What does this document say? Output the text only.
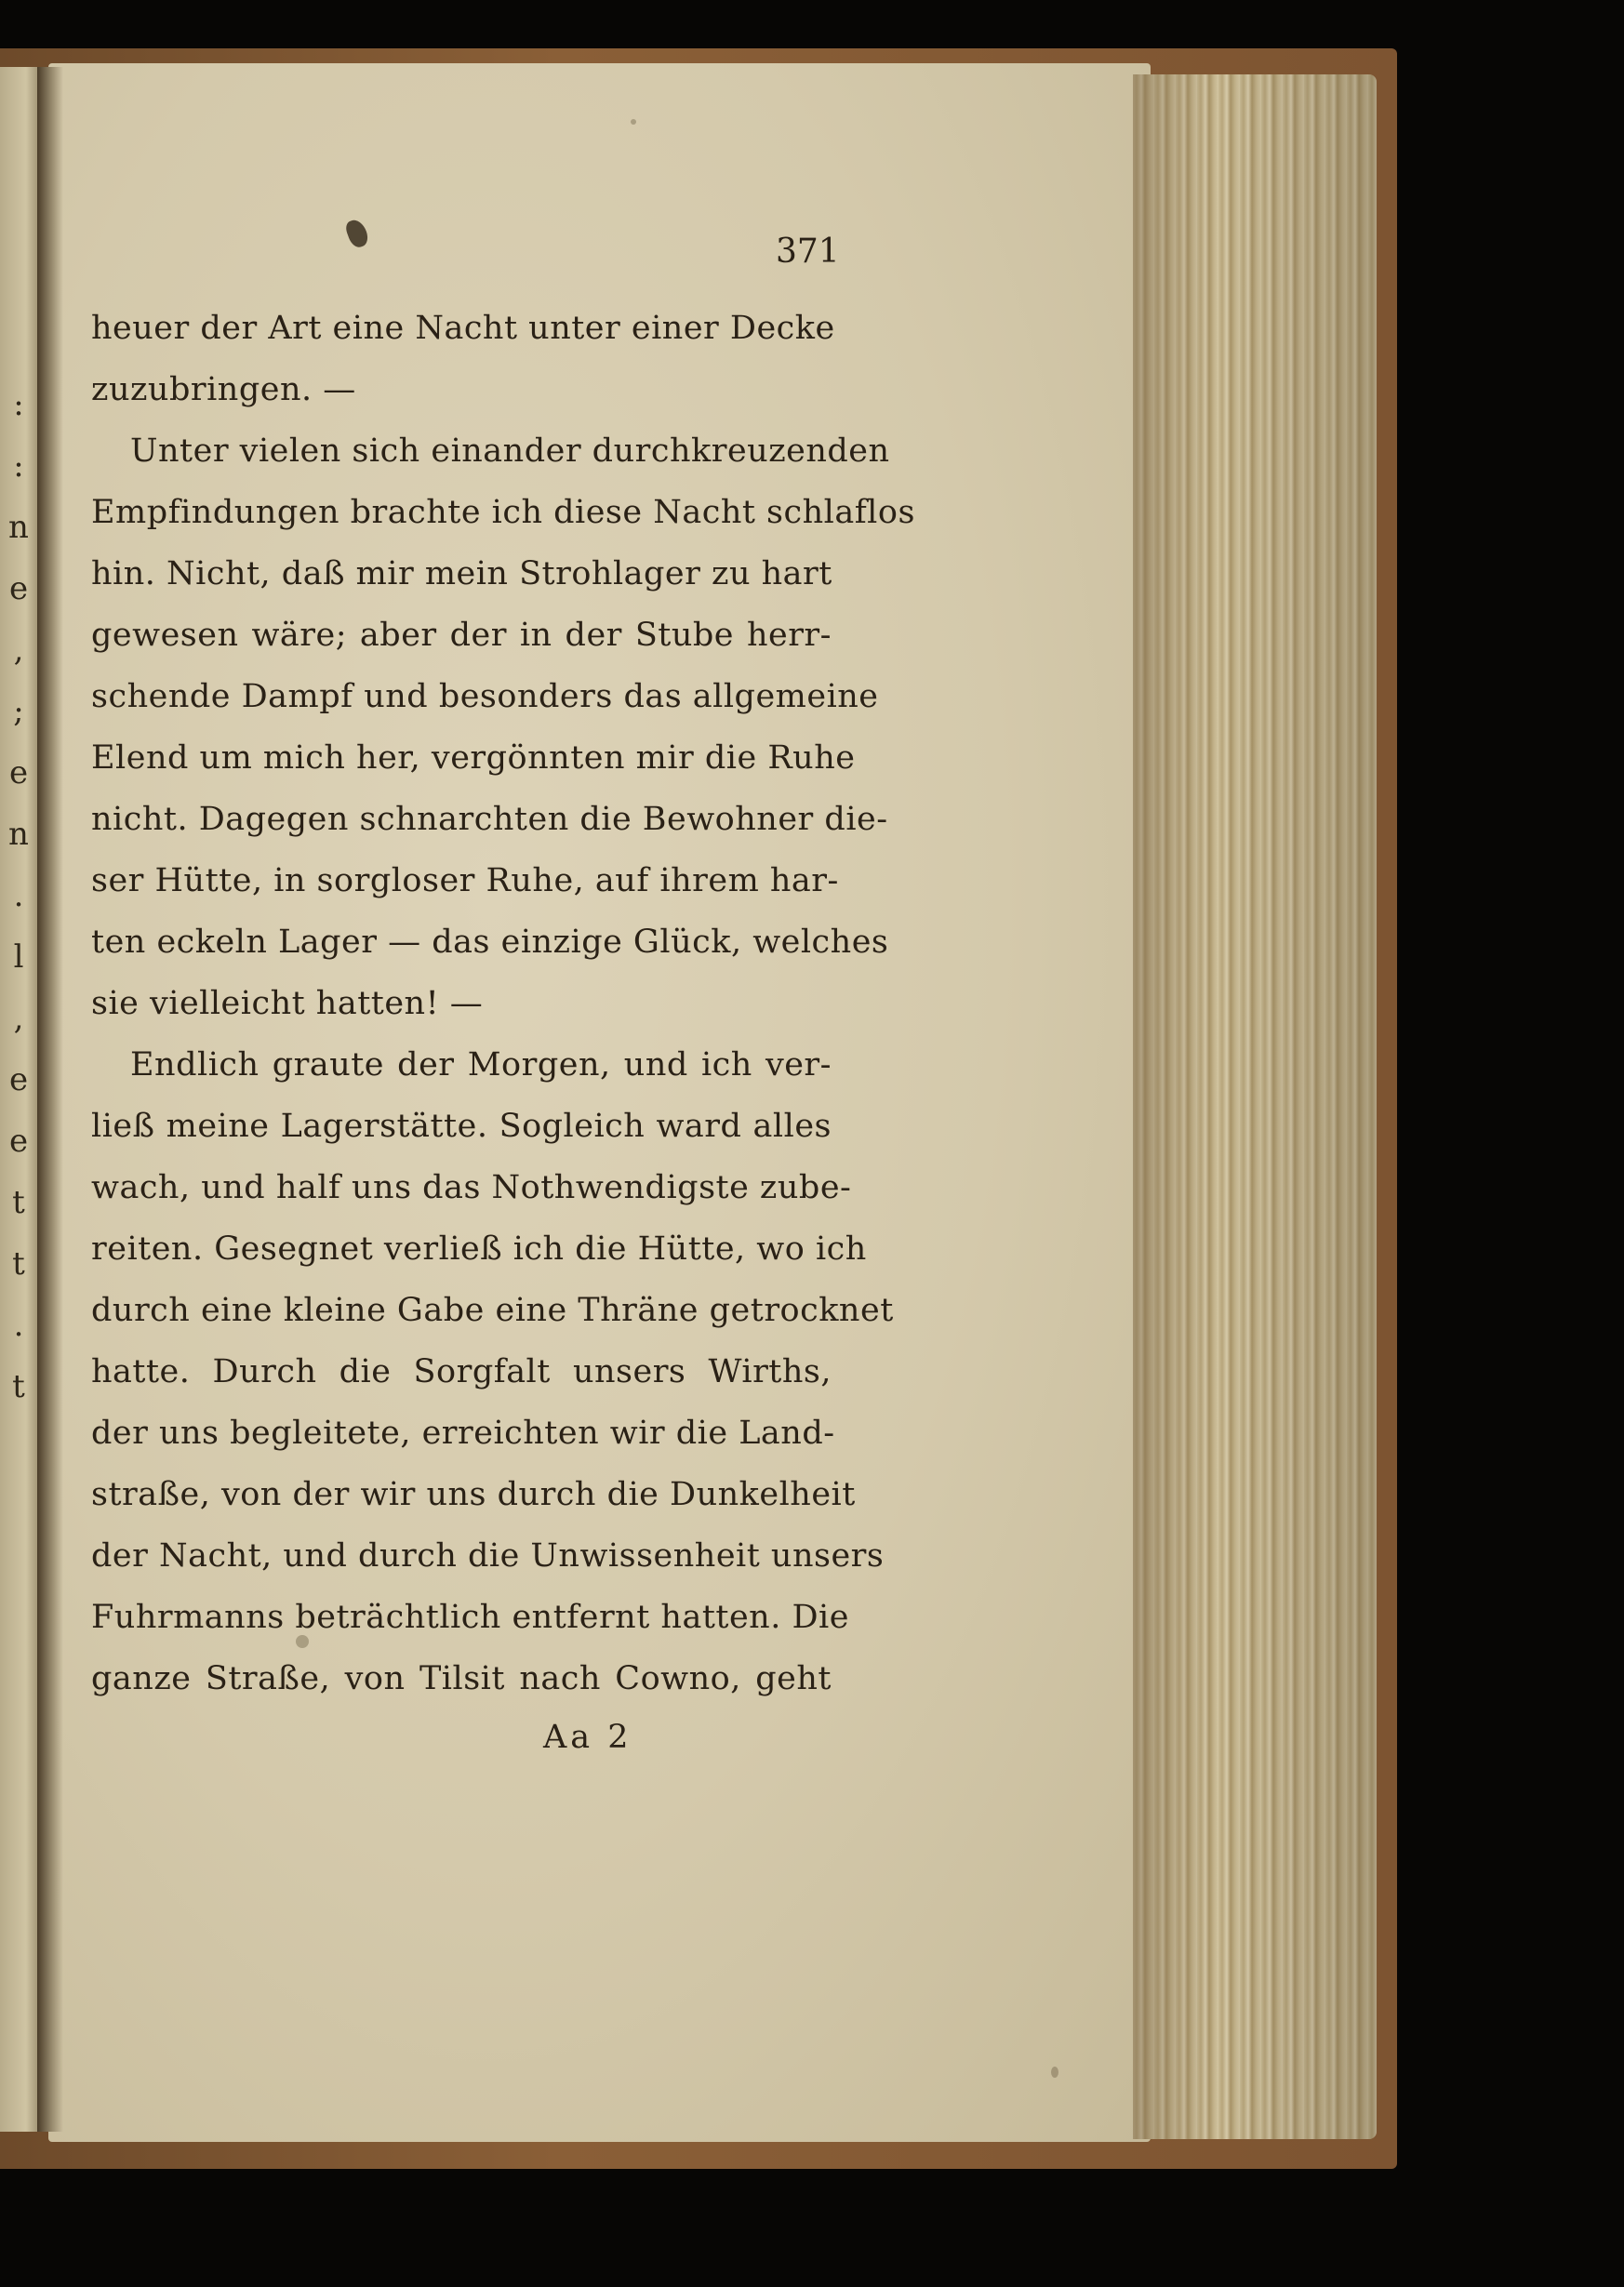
:
:
n
e
,
;
e
n
.
l
,
e
e
t
t
.
t
371
heuer der Art eine Nacht unter einer Decke
zuzubringen. —
Unter vielen sich einander durchkreuzenden
Empfindungen brachte ich diese Nacht schlaflos
hin. Nicht, daß mir mein Strohlager zu hart
gewesen wäre; aber der in der Stube herr-
schende Dampf und besonders das allgemeine
Elend um mich her, vergönnten mir die Ruhe
nicht. Dagegen schnarchten die Bewohner die-
ser Hütte, in sorgloser Ruhe, auf ihrem har-
ten eckeln Lager — das einzige Glück, welches
sie vielleicht hatten! —
Endlich graute der Morgen, und ich ver-
ließ meine Lagerstätte. Sogleich ward alles
wach, und half uns das Nothwendigste zube-
reiten. Gesegnet verließ ich die Hütte, wo ich
durch eine kleine Gabe eine Thräne getrocknet
hatte. Durch die Sorgfalt unsers Wirths,
der uns begleitete, erreichten wir die Land-
straße, von der wir uns durch die Dunkelheit
der Nacht, und durch die Unwissenheit unsers
Fuhrmanns beträchtlich entfernt hatten. Die
ganze Straße, von Tilsit nach Cowno, geht
Aa 2
